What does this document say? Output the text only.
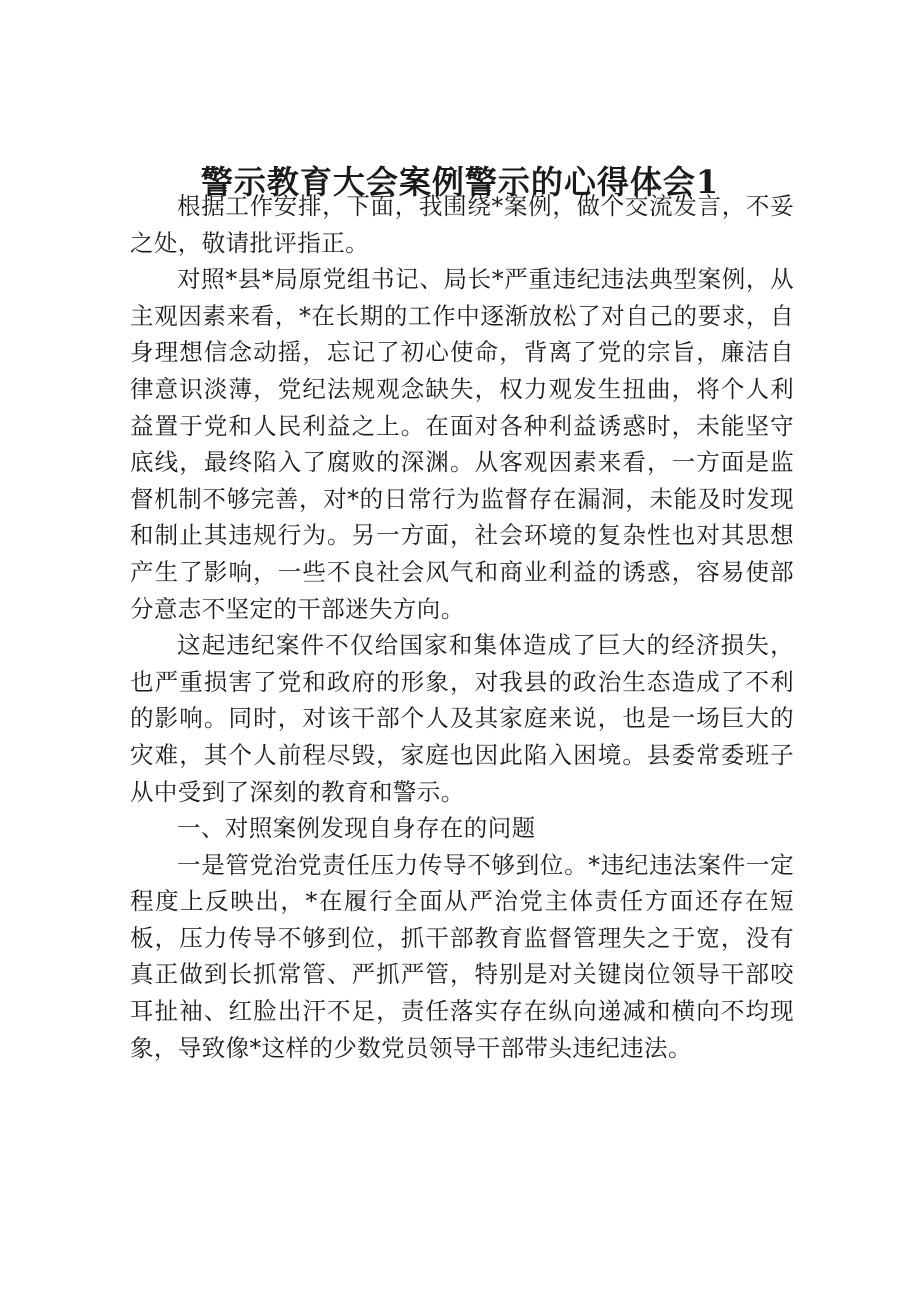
警示教育大会案例警示的心得体会1

根据工作安排，下面，我围绕*案例，做个交流发言，不妥之处，敬请批评指正。

对照*县*局原党组书记、局长*严重违纪违法典型案例，从主观因素来看，*在长期的工作中逐渐放松了对自己的要求，自身理想信念动摇，忘记了初心使命，背离了党的宗旨，廉洁自律意识淡薄，党纪法规观念缺失，权力观发生扭曲，将个人利益置于党和人民利益之上。在面对各种利益诱惑时，未能坚守底线，最终陷入了腐败的深渊。从客观因素来看，一方面是监督机制不够完善，对*的日常行为监督存在漏洞，未能及时发现和制止其违规行为。另一方面，社会环境的复杂性也对其思想产生了影响，一些不良社会风气和商业利益的诱惑，容易使部分意志不坚定的干部迷失方向。

这起违纪案件不仅给国家和集体造成了巨大的经济损失，也严重损害了党和政府的形象，对我县的政治生态造成了不利的影响。同时，对该干部个人及其家庭来说，也是一场巨大的灾难，其个人前程尽毁，家庭也因此陷入困境。县委常委班子从中受到了深刻的教育和警示。

一、对照案例发现自身存在的问题

一是管党治党责任压力传导不够到位。*违纪违法案件一定程度上反映出，*在履行全面从严治党主体责任方面还存在短板，压力传导不够到位，抓干部教育监督管理失之于宽，没有真正做到长抓常管、严抓严管，特别是对关键岗位领导干部咬耳扯袖、红脸出汗不足，责任落实存在纵向递减和横向不均现象，导致像*这样的少数党员领导干部带头违纪违法。
